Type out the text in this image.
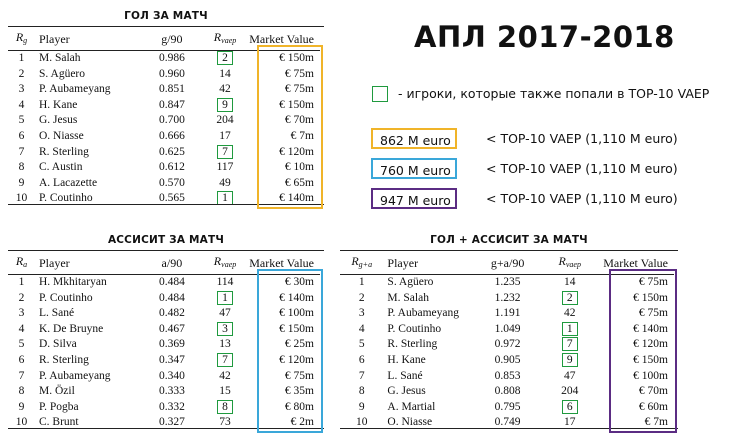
АПЛ 2017-2018
- игроки, которые также попали в TOP-10 VAEP
862 M euro	< TOP-10 VAEP (1,110 M euro)
760 M euro	< TOP-10 VAEP (1,110 M euro)
947 M euro	< TOP-10 VAEP (1,110 M euro)
ГОЛ ЗА МАТЧ
$R_g$	Player	g/90	$R_{vaep}$	Market Value
1	M. Salah	0.986	2	€ 150m
2	S. Agüero	0.960	14	€ 75m
3	P. Aubameyang	0.851	42	€ 75m
4	H. Kane	0.847	9	€ 150m
5	G. Jesus	0.700	204	€ 70m
6	O. Niasse	0.666	17	€ 7m
7	R. Sterling	0.625	7	€ 120m
8	C. Austin	0.612	117	€ 10m
9	A. Lacazette	0.570	49	€ 65m
10	P. Coutinho	0.565	1	€ 140m
АССИСИТ ЗА МАТЧ
$R_a$	Player	a/90	$R_{vaep}$	Market Value
1	H. Mkhitaryan	0.484	114	€ 30m
2	P. Coutinho	0.484	1	€ 140m
3	L. Sané	0.482	47	€ 100m
4	K. De Bruyne	0.467	3	€ 150m
5	D. Silva	0.369	13	€ 25m
6	R. Sterling	0.347	7	€ 120m
7	P. Aubameyang	0.340	42	€ 75m
8	M. Özil	0.333	15	€ 35m
9	P. Pogba	0.332	8	€ 80m
10	C. Brunt	0.327	73	€ 2m
ГОЛ + АССИСИТ ЗА МАТЧ
$R_{g+a}$	Player	g+a/90	$R_{vaep}$	Market Value
1	S. Agüero	1.235	14	€ 75m
2	M. Salah	1.232	2	€ 150m
3	P. Aubameyang	1.191	42	€ 75m
4	P. Coutinho	1.049	1	€ 140m
5	R. Sterling	0.972	7	€ 120m
6	H. Kane	0.905	9	€ 150m
7	L. Sané	0.853	47	€ 100m
8	G. Jesus	0.808	204	€ 70m
9	A. Martial	0.795	6	€ 60m
10	O. Niasse	0.749	17	€ 7m
